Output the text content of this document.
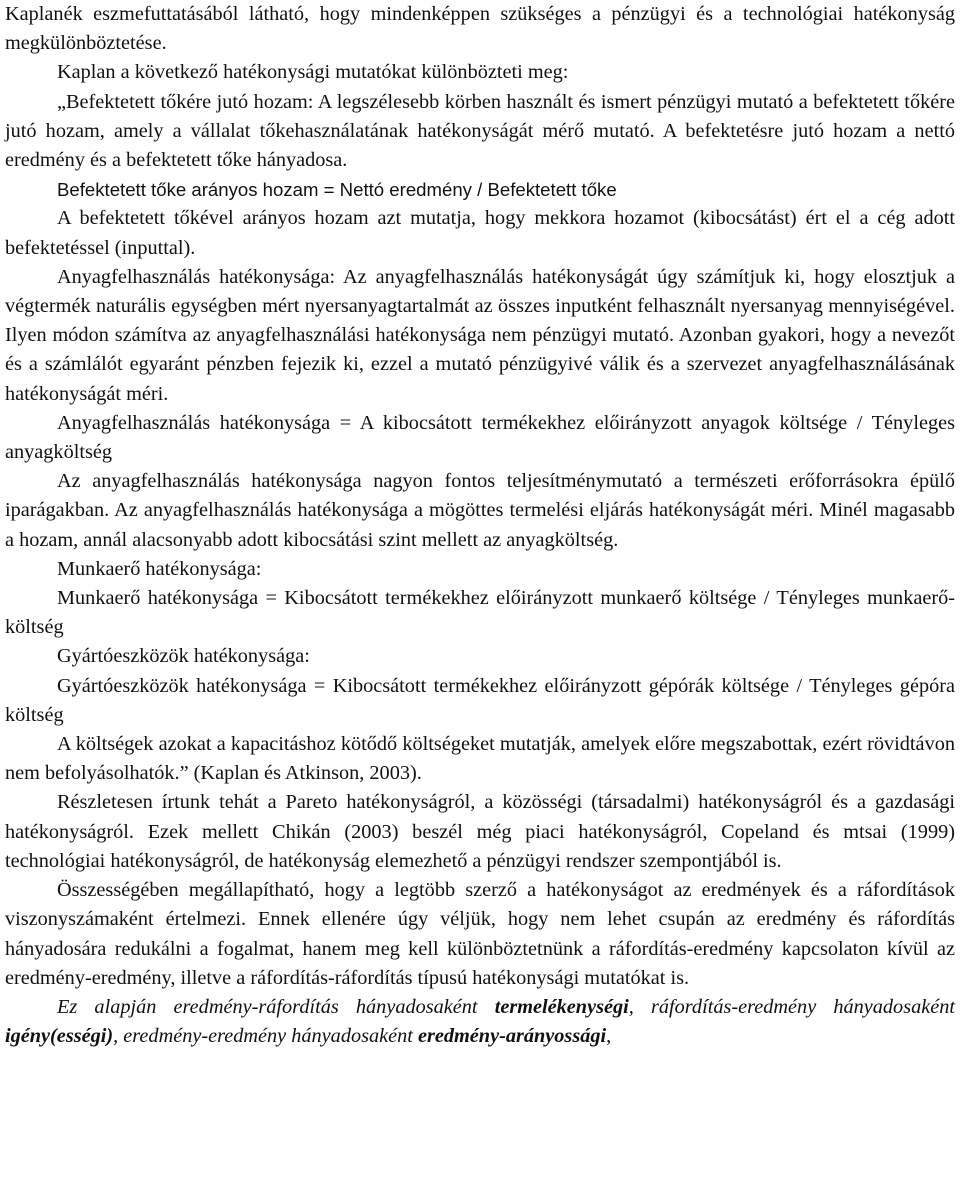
Kaplanék eszmefuttatásából látható, hogy mindenképpen szükséges a pénzügyi és a technológiai hatékonyság megkülönböztetése.

Kaplan a következő hatékonysági mutatókat különbözteti meg:

„Befektetett tőkére jutó hozam: A legszélesebb körben használt és ismert pénzügyi mutató a befektetett tőkére jutó hozam, amely a vállalat tőkehasználatának hatékonyságát mérő mutató. A befektetésre jutó hozam a nettó eredmény és a befektetett tőke hányadosa.

Befektetett tőke arányos hozam = Nettó eredmény / Befektetett tőke

A befektetett tőkével arányos hozam azt mutatja, hogy mekkora hozamot (kibocsátást) ért el a cég adott befektetéssel (inputtal).

Anyagfelhasználás hatékonysága: Az anyagfelhasználás hatékonyságát úgy számítjuk ki, hogy elosztjuk a végtermék naturális egységben mért nyersanyagtartalmát az összes inputként felhasznált nyersanyag mennyiségével. Ilyen módon számítva az anyagfelhasználási hatékonysága nem pénzügyi mutató. Azonban gyakori, hogy a nevezőt és a számlálót egyaránt pénzben fejezik ki, ezzel a mutató pénzügyivé válik és a szervezet anyagfelhasználásának hatékonyságát méri.

Anyagfelhasználás hatékonysága = A kibocsátott termékekhez előirányzott anyagok költsége / Tényleges anyagköltség

Az anyagfelhasználás hatékonysága nagyon fontos teljesítménymutató a természeti erőforrásokra épülő iparágakban. Az anyagfelhasználás hatékonysága a mögöttes termelési eljárás hatékonyságát méri. Minél magasabb a hozam, annál alacsonyabb adott kibocsátási szint mellett az anyagköltség.

Munkaerő hatékonysága:

Munkaerő hatékonysága = Kibocsátott termékekhez előirányzott munkaerő költsége / Tényleges munkaerő-költség

Gyártóeszközök hatékonysága:

Gyártóeszközök hatékonysága = Kibocsátott termékekhez előirányzott gépórák költsége / Tényleges gépóra költség

A költségek azokat a kapacitáshoz kötődő költségeket mutatják, amelyek előre megszabottak, ezért rövidtávon nem befolyásolhatók.” (Kaplan és Atkinson, 2003).

Részletesen írtunk tehát a Pareto hatékonyságról, a közösségi (társadalmi) hatékonyságról és a gazdasági hatékonyságról. Ezek mellett Chikán (2003) beszél még piaci hatékonyságról, Copeland és mtsai (1999) technológiai hatékonyságról, de hatékonyság elemezhető a pénzügyi rendszer szempontjából is.

Összességében megállapítható, hogy a legtöbb szerző a hatékonyságot az eredmények és a ráfordítások viszonyszámaként értelmezi. Ennek ellenére úgy véljük, hogy nem lehet csupán az eredmény és ráfordítás hányadosára redukálni a fogalmat, hanem meg kell különböztetnünk a ráfordítás-eredmény kapcsolaton kívül az eredmény-eredmény, illetve a ráfordítás-ráfordítás típusú hatékonysági mutatókat is.

Ez alapján eredmény-ráfordítás hányadosaként termelékenységi, ráfordítás-eredmény hányadosaként igény(ességi), eredmény-eredmény hányadosaként eredmény-arányossági,
